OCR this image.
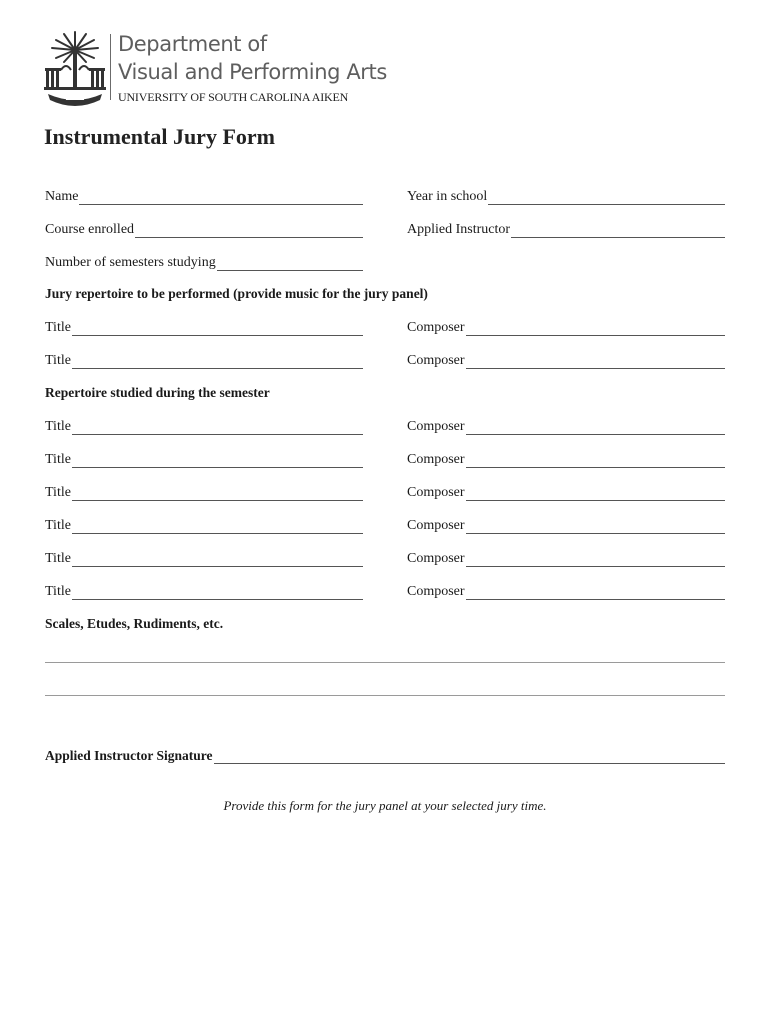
Department of
Visual and Performing Arts
UNIVERSITY OF SOUTH CAROLINA AIKEN
Instrumental Jury Form
Name	Year in school
Course enrolled	Applied Instructor
Number of semesters studying
Jury repertoire to be performed (provide music for the jury panel)
Title	Composer
Title	Composer
Repertoire studied during the semester
Title	Composer
Title	Composer
Title	Composer
Title	Composer
Title	Composer
Title	Composer
Scales, Etudes, Rudiments, etc.
Applied Instructor Signature
Provide this form for the jury panel at your selected jury time.
